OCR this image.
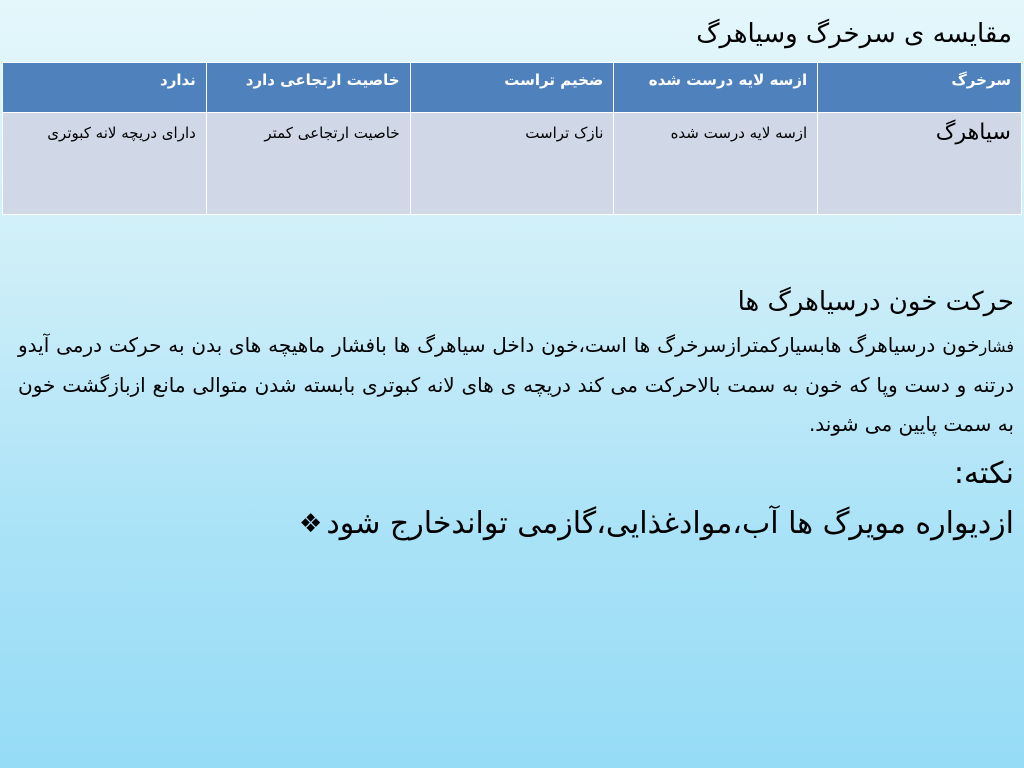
مقایسه ی سرخرگ وسیاهرگ
سرخرگ	ازسه لایه درست شده	ضخیم تراست	خاصیت ارتجاعی دارد	ندارد
سیاهرگ	ازسه لایه درست شده	نازک تراست	خاصیت ارتجاعی کمتر	دارای دریچه لانه کبوتری
حرکت خون درسیاهرگ ها

فشارخون درسیاهرگ هابسیارکمترازسرخرگ ها است،خون داخل سیاهرگ ها بافشار ماهیچه های بدن به حرکت درمی آیدو درتنه و دست وپا که خون به سمت بالاحرکت می کند دریچه ی های لانه کبوتری بابسته شدن متوالی مانع ازبازگشت خون به سمت پایین می شوند.

نکته:
ازدیواره مویرگ ها آب،موادغذایی،گازمی تواندخارج شود
❖
